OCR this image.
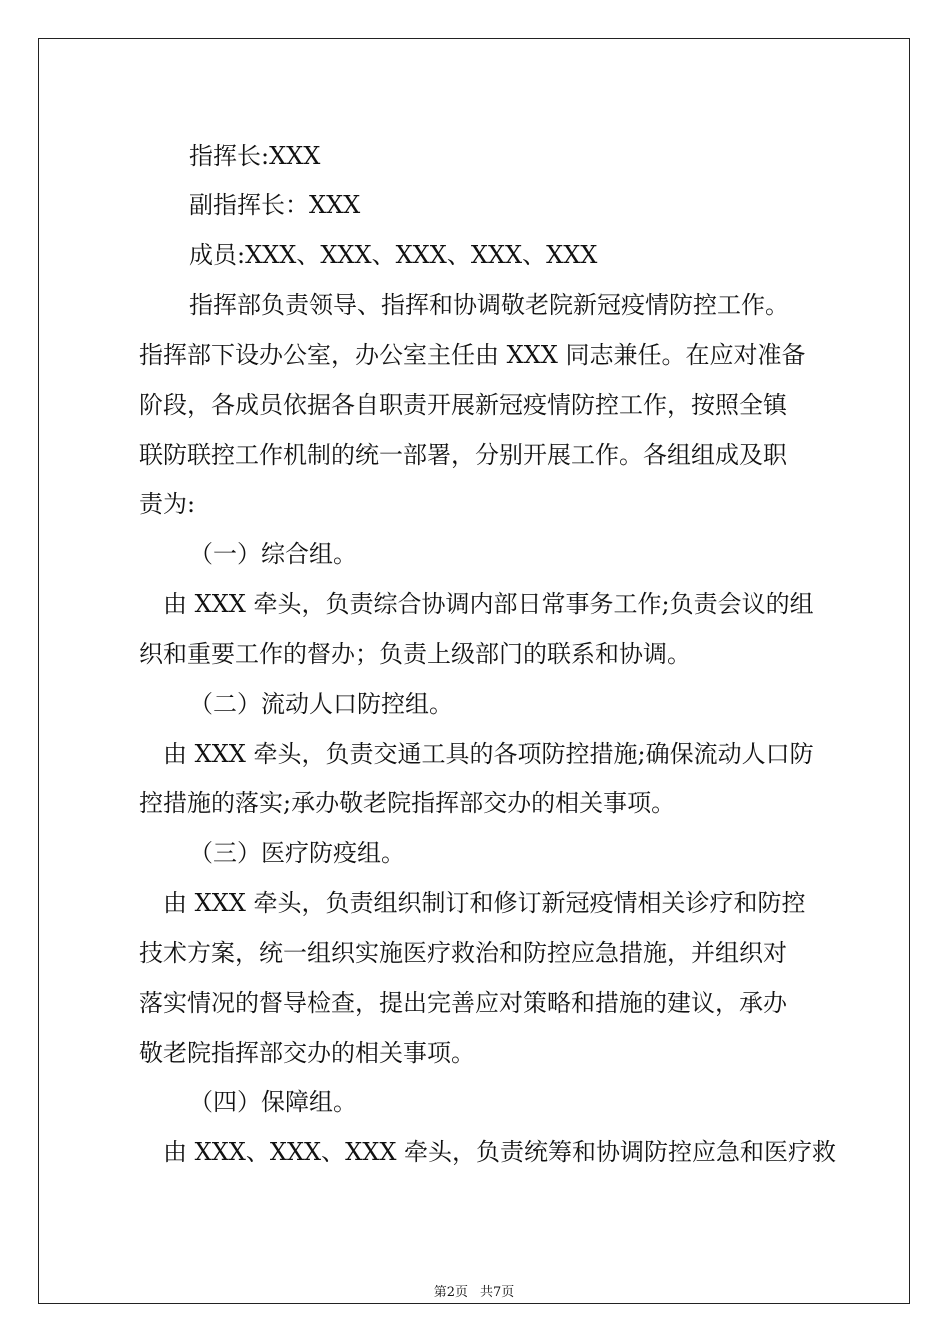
指挥长:XXX
副指挥长：XXX
成员:XXX、XXX、XXX、XXX、XXX
指挥部负责领导、指挥和协调敬老院新冠疫情防控工作。
指挥部下设办公室，办公室主任由 XXX 同志兼任。在应对准备
阶段，各成员依据各自职责开展新冠疫情防控工作，按照全镇
联防联控工作机制的统一部署，分别开展工作。各组组成及职
责为:
（一）综合组。
由 XXX 牵头，负责综合协调内部日常事务工作;负责会议的组
织和重要工作的督办；负责上级部门的联系和协调。
（二）流动人口防控组。
由 XXX 牵头，负责交通工具的各项防控措施;确保流动人口防
控措施的落实;承办敬老院指挥部交办的相关事项。
（三）医疗防疫组。
由 XXX 牵头，负责组织制订和修订新冠疫情相关诊疗和防控
技术方案，统一组织实施医疗救治和防控应急措施，并组织对
落实情况的督导检查，提出完善应对策略和措施的建议，承办
敬老院指挥部交办的相关事项。
（四）保障组。
由 XXX、XXX、XXX 牵头，负责统筹和协调防控应急和医疗救
第2页 共7页
